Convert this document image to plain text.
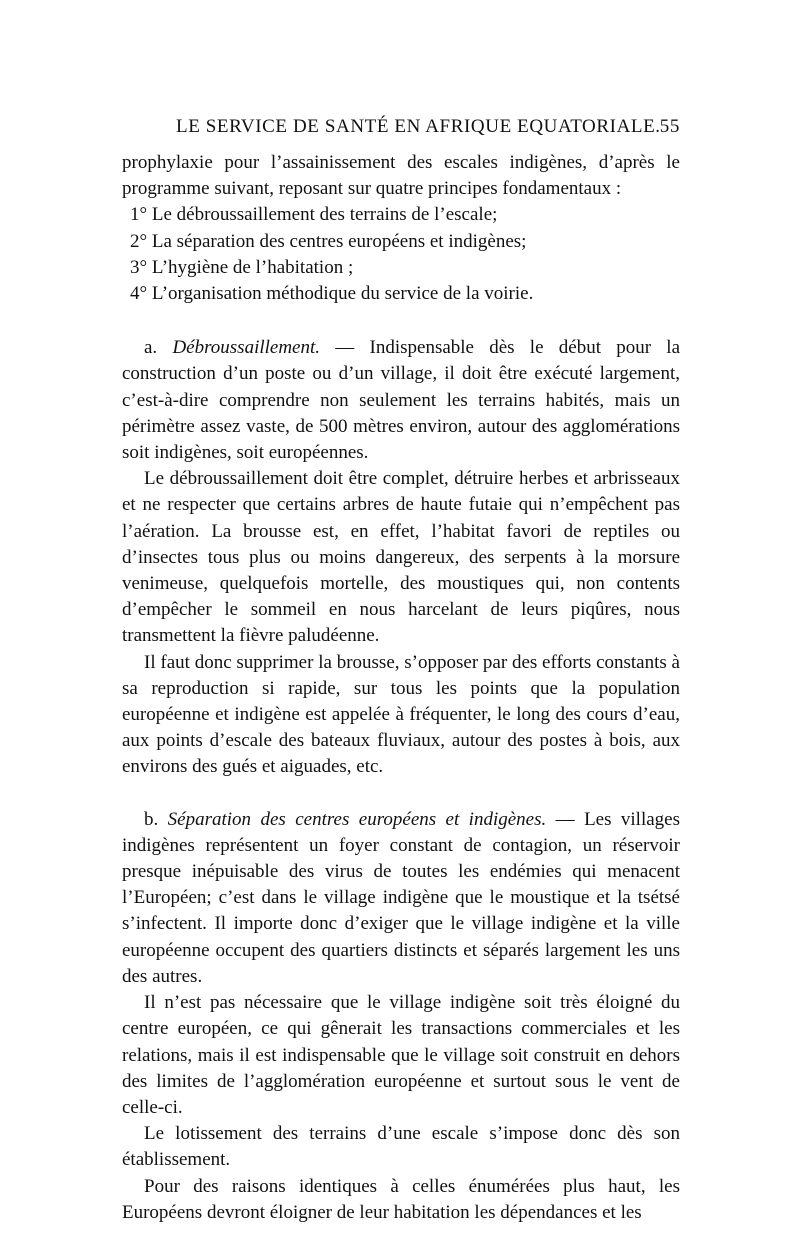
LE SERVICE DE SANTÉ EN AFRIQUE EQUATORIALE. 55

prophylaxie pour l’assainissement des escales indigènes, d’après le programme suivant, reposant sur quatre principes fondamentaux :

1° Le débroussaillement des terrains de l’escale;

2° La séparation des centres européens et indigènes;

3° L’hygiène de l’habitation ;

4° L’organisation méthodique du service de la voirie.

a. Débroussaillement. — Indispensable dès le début pour la construction d’un poste ou d’un village, il doit être exécuté largement, c’est-à-dire comprendre non seulement les terrains habités, mais un périmètre assez vaste, de 500 mètres environ, autour des agglomérations soit indigènes, soit européennes.

Le débroussaillement doit être complet, détruire herbes et arbrisseaux et ne respecter que certains arbres de haute futaie qui n’empêchent pas l’aération. La brousse est, en effet, l’habitat favori de reptiles ou d’insectes tous plus ou moins dangereux, des serpents à la morsure venimeuse, quelquefois mortelle, des moustiques qui, non contents d’empêcher le sommeil en nous harcelant de leurs piqûres, nous transmettent la fièvre paludéenne.

Il faut donc supprimer la brousse, s’opposer par des efforts constants à sa reproduction si rapide, sur tous les points que la population européenne et indigène est appelée à fréquenter, le long des cours d’eau, aux points d’escale des bateaux fluviaux, autour des postes à bois, aux environs des gués et aiguades, etc.

b. Séparation des centres européens et indigènes. — Les villages indigènes représentent un foyer constant de contagion, un réservoir presque inépuisable des virus de toutes les endémies qui menacent l’Européen; c’est dans le village indigène que le moustique et la tsétsé s’infectent. Il importe donc d’exiger que le village indigène et la ville européenne occupent des quartiers distincts et séparés largement les uns des autres.

Il n’est pas nécessaire que le village indigène soit très éloigné du centre européen, ce qui gênerait les transactions commerciales et les relations, mais il est indispensable que le village soit construit en dehors des limites de l’agglomération européenne et surtout sous le vent de celle-ci.

Le lotissement des terrains d’une escale s’impose donc dès son établissement.

Pour des raisons identiques à celles énumérées plus haut, les Européens devront éloigner de leur habitation les dépendances et les
